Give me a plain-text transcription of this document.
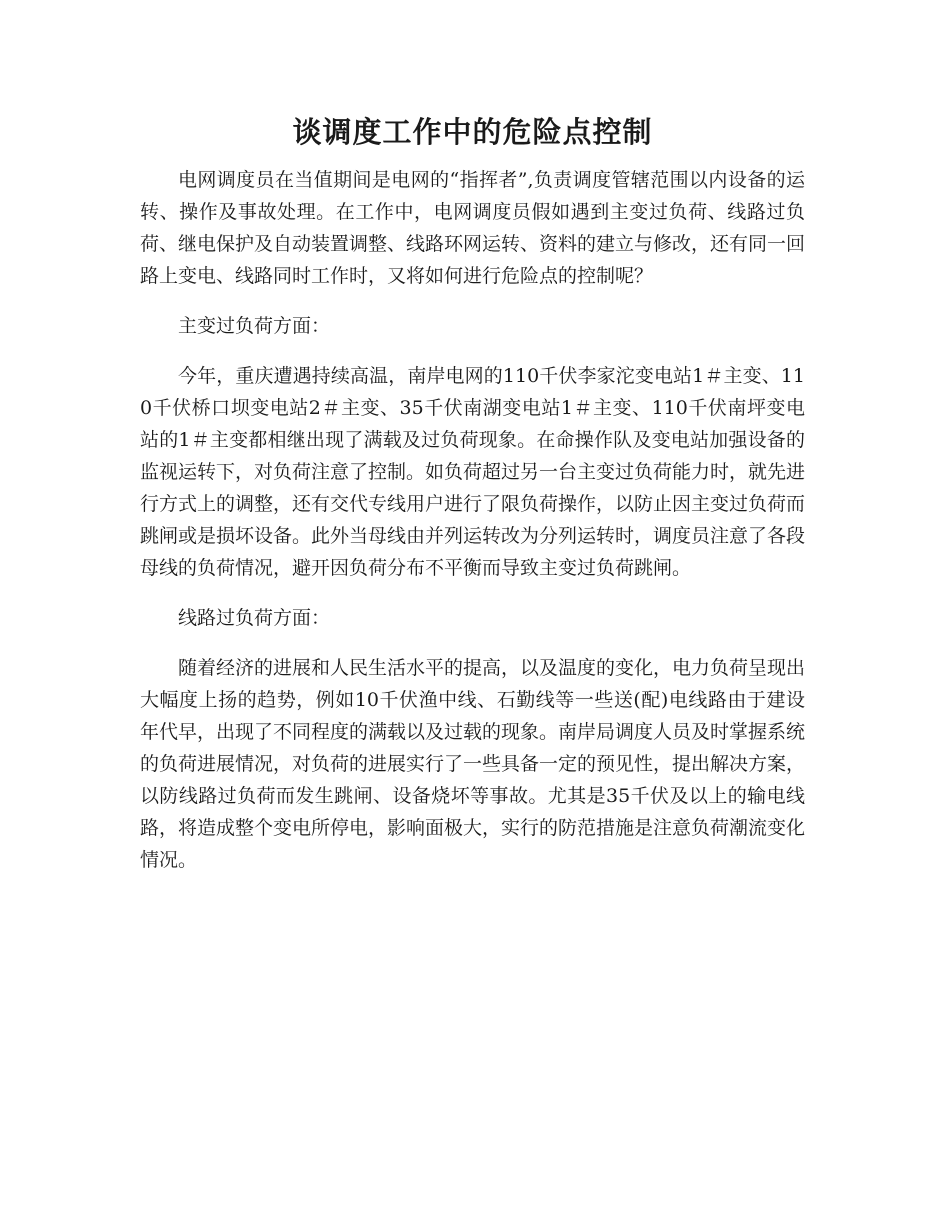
谈调度工作中的危险点控制

电网调度员在当值期间是电网的“指挥者”,负责调度管辖范围以内设备的运转、操作及事故处理。在工作中，电网调度员假如遇到主变过负荷、线路过负荷、继电保护及自动装置调整、线路环网运转、资料的建立与修改，还有同一回路上变电、线路同时工作时，又将如何进行危险点的控制呢？

主变过负荷方面：

今年，重庆遭遇持续高温，南岸电网的110千伏李家沱变电站1＃主变、110千伏桥口坝变电站2＃主变、35千伏南湖变电站1＃主变、110千伏南坪变电站的1＃主变都相继出现了满载及过负荷现象。在命操作队及变电站加强设备的监视运转下，对负荷注意了控制。如负荷超过另一台主变过负荷能力时，就先进行方式上的调整，还有交代专线用户进行了限负荷操作，以防止因主变过负荷而跳闸或是损坏设备。此外当母线由并列运转改为分列运转时，调度员注意了各段母线的负荷情况，避开因负荷分布不平衡而导致主变过负荷跳闸。

线路过负荷方面：

随着经济的进展和人民生活水平的提高，以及温度的变化，电力负荷呈现出大幅度上扬的趋势，例如10千伏渔中线、石勤线等一些送(配)电线路由于建设年代早，出现了不同程度的满载以及过载的现象。南岸局调度人员及时掌握系统的负荷进展情况，对负荷的进展实行了一些具备一定的预见性，提出解决方案，以防线路过负荷而发生跳闸、设备烧坏等事故。尤其是35千伏及以上的输电线路，将造成整个变电所停电，影响面极大，实行的防范措施是注意负荷潮流变化情况。
